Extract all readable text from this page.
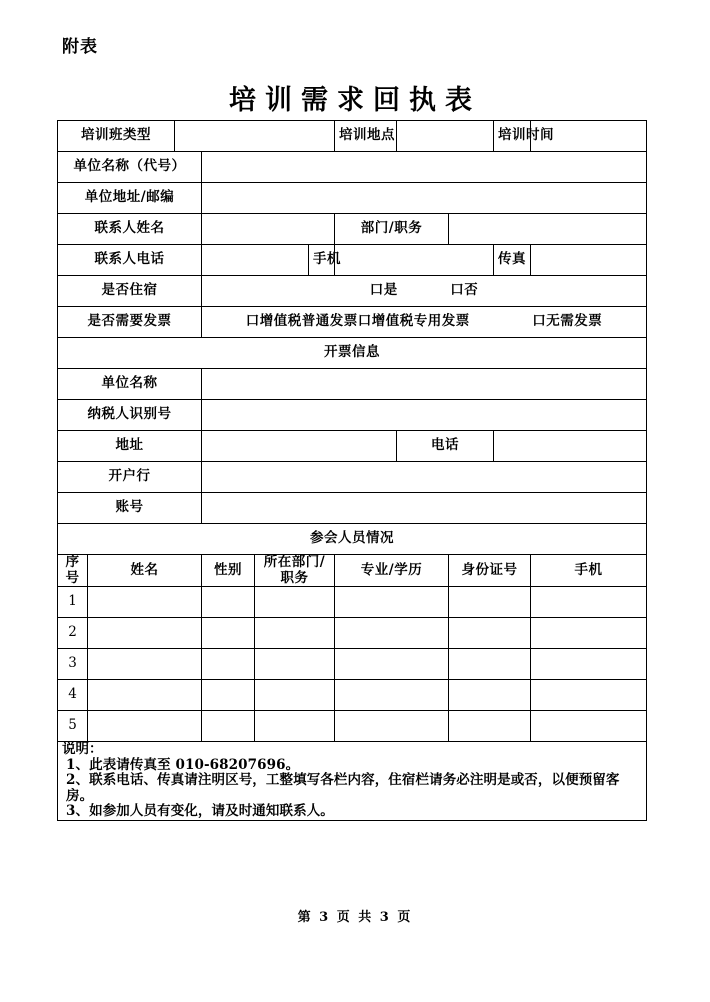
附表
培训需求回执表
培训班类型						培训地点			培训时间	
单位名称（代号）										
单位地址/邮编										
联系人姓名						部门/职务				
联系人电话					手机				传真	
是否住宿			口是 口否							
是否需要发票			口增值税普通发票口增值税专用发票 口无需发票							
开票信息										
单位名称										
纳税人识别号										
地址							电话			
开户行										
账号										
参会人员情况										
序号	姓名		性别	所在部门/职务		专业/学历		身份证号		手机
1										
2										
3										
4										
5										

说明：
1、此表请传真至 010-68207696。
2、联系电话、传真请注明区号，工整填写各栏内容，住宿栏请务必注明是或否，以便预留客房。
3、如参加人员有变化，请及时通知联系人。										
第 3 页 共 3 页
